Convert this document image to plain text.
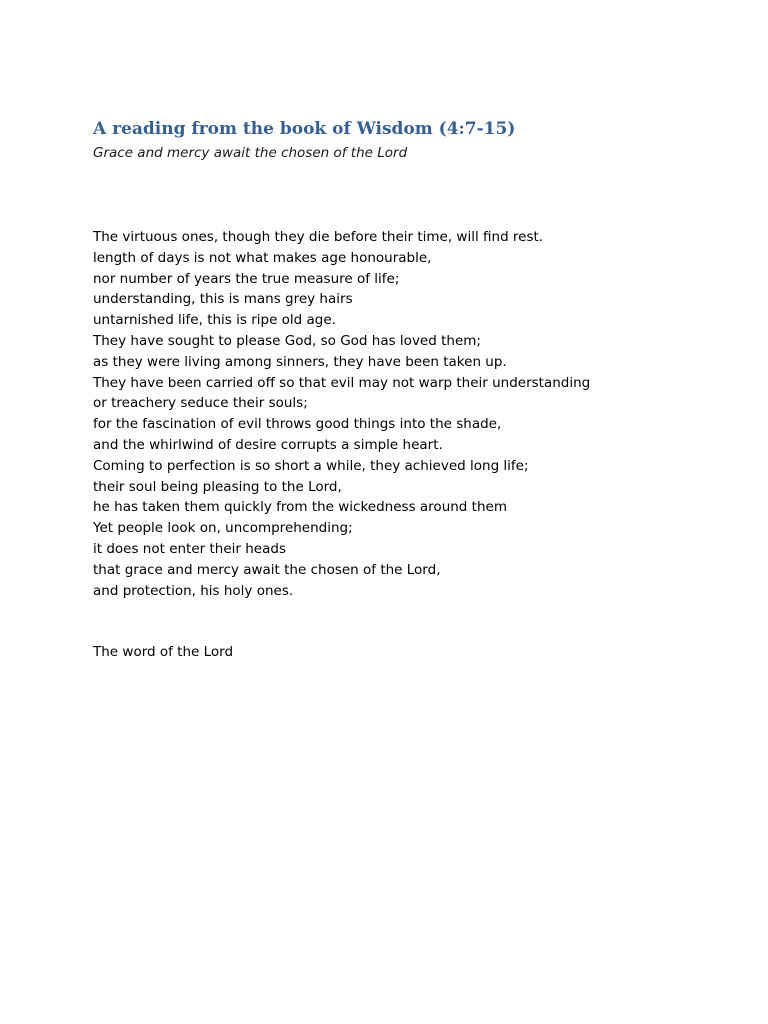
A reading from the book of Wisdom (4:7-15)

Grace and mercy await the chosen of the Lord

The virtuous ones, though they die before their time, will find rest.
length of days is not what makes age honourable,
nor number of years the true measure of life;
understanding, this is mans grey hairs
untarnished life, this is ripe old age.
They have sought to please God, so God has loved them;
as they were living among sinners, they have been taken up.
They have been carried off so that evil may not warp their understanding
or treachery seduce their souls;
for the fascination of evil throws good things into the shade,
and the whirlwind of desire corrupts a simple heart.
Coming to perfection is so short a while, they achieved long life;
their soul being pleasing to the Lord,
he has taken them quickly from the wickedness around them
Yet people look on, uncomprehending;
it does not enter their heads
that grace and mercy await the chosen of the Lord,
and protection, his holy ones.

The word of the Lord
